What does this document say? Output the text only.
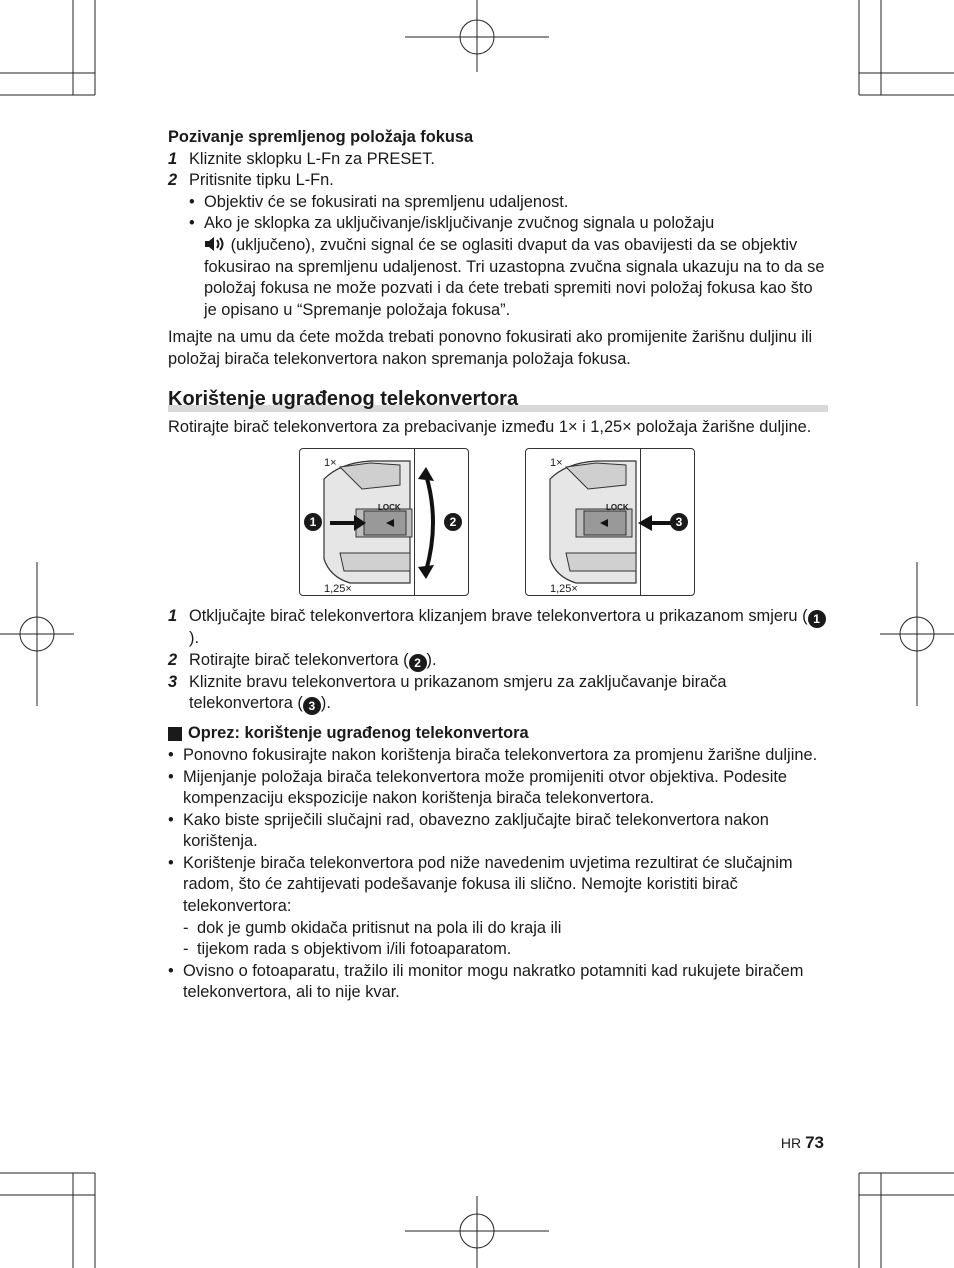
Pozivanje spremljenog položaja fokusa

1 Kliznite sklopku L-Fn za PRESET.
2 Pritisnite tipku L-Fn.
• Objektiv će se fokusirati na spremljenu udaljenost.
• Ako je sklopka za uključivanje/isključivanje zvučnog signala u položaju
(uključeno), zvučni signal će se oglasiti dvaput da vas obavijesti da se objektiv fokusirao na spremljenu udaljenost. Tri uzastopna zvučna signala ukazuju na to da se položaj fokusa ne može pozvati i da ćete trebati spremiti novi položaj fokusa kao što je opisano u “Spremanje položaja fokusa”.

Imajte na umu da ćete možda trebati ponovno fokusirati ako promijenite žarišnu duljinu ili položaj birača telekonvertora nakon spremanja položaja fokusa.

Korištenje ugrađenog telekonvertora

Rotirajte birač telekonvertora za prebacivanje između 1× i 1,25× položaja žarišne duljine.

1×
1,25×
LOCK
1	2
1×
1,25×
LOCK
3
1 Otključajte birač telekonvertora klizanjem brave telekonvertora u prikazanom smjeru ( 1).
2 Rotirajte birač telekonvertora ( 2 ).
3 Kliznite bravu telekonvertora u prikazanom smjeru za zaključavanje birača telekonvertora ( 3 ).
Oprez: korištenje ugrađenog telekonvertora
• Ponovno fokusirajte nakon korištenja birača telekonvertora za promjenu žarišne duljine.
• Mijenjanje položaja birača telekonvertora može promijeniti otvor objektiva. Podesite kompenzaciju ekspozicije nakon korištenja birača telekonvertora.
• Kako biste spriječili slučajni rad, obavezno zaključajte birač telekonvertora nakon korištenja.
• Korištenje birača telekonvertora pod niže navedenim uvjetima rezultirat će slučajnim radom, što će zahtijevati podešavanje fokusa ili slično. Nemojte koristiti birač telekonvertora:
- dok je gumb okidača pritisnut na pola ili do kraja ili
- tijekom rada s objektivom i/ili fotoaparatom.
• Ovisno o fotoaparatu, tražilo ili monitor mogu nakratko potamniti kad rukujete biračem telekonvertora, ali to nije kvar.
HR 73
